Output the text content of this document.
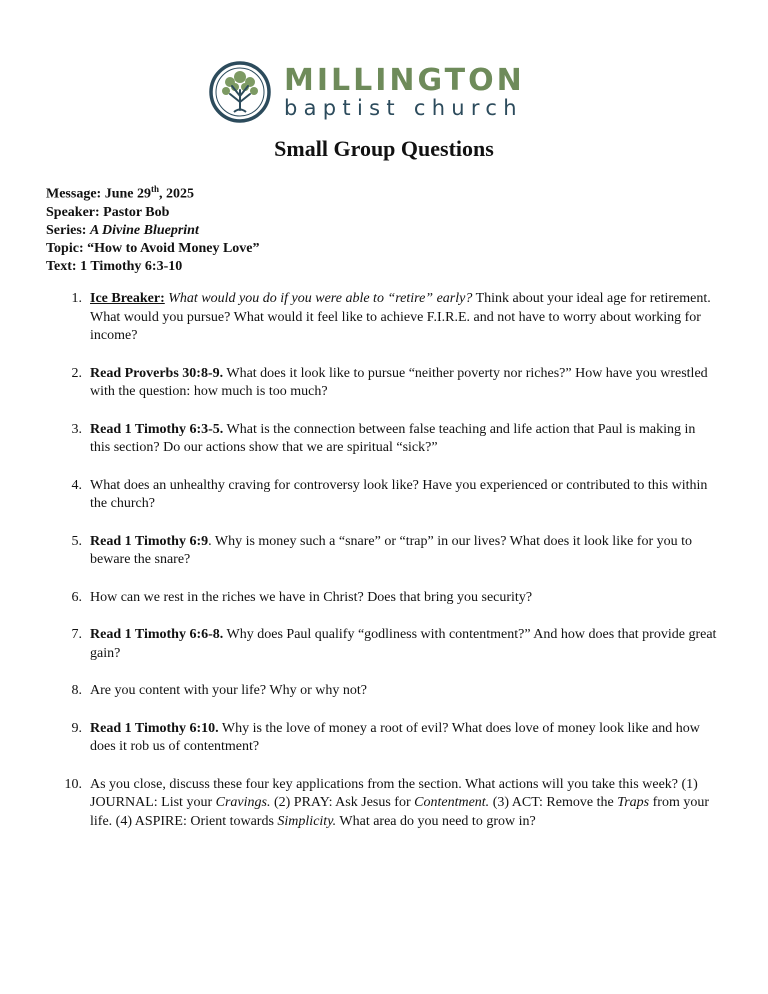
MILLINGTON
baptist church
Small Group Questions
Message: June 29th, 2025
Speaker: Pastor Bob
Series: A Divine Blueprint
Topic: “How to Avoid Money Love”
Text: 1 Timothy 6:3-10
1. Ice Breaker: What would you do if you were able to “retire” early? Think about your ideal age for retirement. What would you pursue? What would it feel like to achieve F.I.R.E. and not have to worry about working for income?
2. Read Proverbs 30:8-9. What does it look like to pursue “neither poverty nor riches?” How have you wrestled with the question: how much is too much?
3. Read 1 Timothy 6:3-5. What is the connection between false teaching and life action that Paul is making in this section? Do our actions show that we are spiritual “sick?”
4. What does an unhealthy craving for controversy look like? Have you experienced or contributed to this within the church?
5. Read 1 Timothy 6:9. Why is money such a “snare” or “trap” in our lives? What does it look like for you to beware the snare?
6. How can we rest in the riches we have in Christ? Does that bring you security?
7. Read 1 Timothy 6:6-8. Why does Paul qualify “godliness with contentment?” And how does that provide great gain?
8. Are you content with your life? Why or why not?
9. Read 1 Timothy 6:10. Why is the love of money a root of evil? What does love of money look like and how does it rob us of contentment?
10. As you close, discuss these four key applications from the section. What actions will you take this week? (1) JOURNAL: List your Cravings. (2) PRAY: Ask Jesus for Contentment. (3) ACT: Remove the Traps from your life. (4) ASPIRE: Orient towards Simplicity. What area do you need to grow in?
